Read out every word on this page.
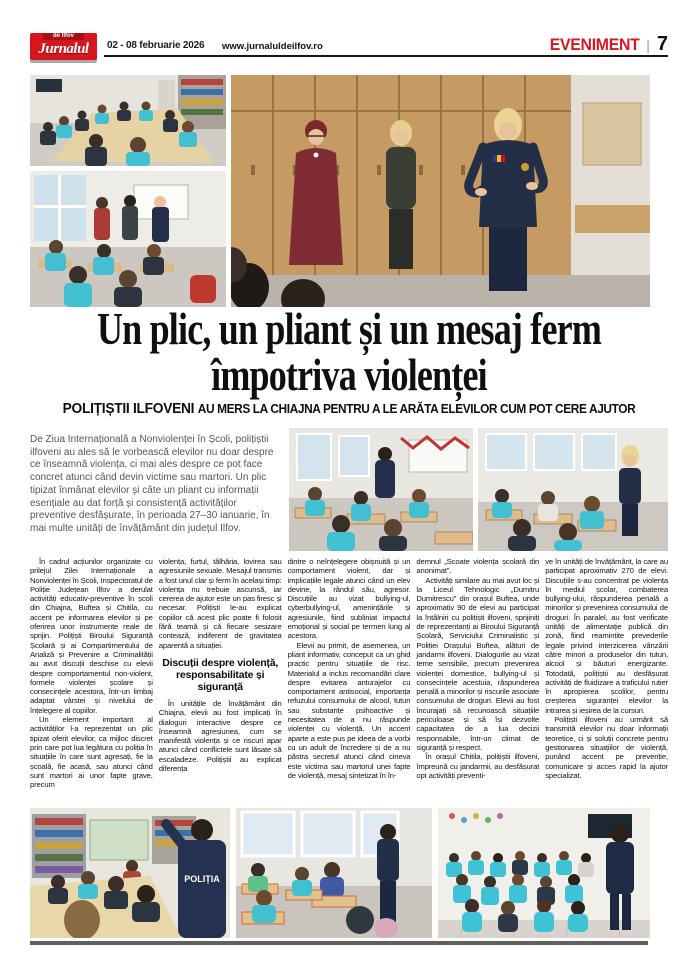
de Ilfov
Jurnalul	02 - 08 februarie 2026 www.jurnaluldeilfov.ro	EVENIMENT | 7
Un plic, un pliant și un mesaj ferm
împotriva violenței
POLIȚIȘTII ILFOVENI AU MERS LA CHIAJNA PENTRU A LE ARĂTA ELEVILOR CUM POT CERE AJUTOR

De Ziua Internațională a Nonviolenței în Școli, polițiștii ilfoveni au ales să le vorbească elevilor nu doar despre ce înseamnă violența, ci mai ales despre ce pot face concret atunci când devin victime sau martori. Un plic tipizat înmânat elevilor și câte un pliant cu informații esențiale au dat forță și consistență activităților preventive desfășurate, în perioada 27–30 ianuarie, în mai multe unități de învățământ din județul Ilfov.

În cadrul acțiunilor organizate cu prilejul Zilei Internaționale a Nonviolenței în Școli, Inspectoratul de Poliție Județean Ilfov a derulat activități educativ-preventive în școli din Chiajna, Buftea și Chitila, cu accent pe informarea elevilor și pe oferirea unor instrumente reale de sprijin. Polițiști Biroului Siguranță Școlară și ai Compartimentului de Analiză și Prevenire a Criminalității au avut discuții deschise cu elevii despre comportamentul non-violent, formele violenței școlare și consecințele acestora, într-un limbaj adaptat vârstei și nivelului de înțelegere al copiilor.

Un element important al activităților l-a reprezentat un plic tipizat oferit elevilor, ca mijloc discret prin care pot lua legătura cu poliția în situațiile în care sunt agresați, fie la școală, fie acasă, sau atunci când sunt martori ai unor fapte grave, precum

violența, furtul, tâlhăria, lovirea sau agresiunile sexuale. Mesajul transmis a fost unul clar și ferm în același timp: violența nu trebuie ascunsă, iar cererea de ajutor este un pas firesc și necesar. Polițiști le-au explicat copiilor că acest plic poate fi folosit fără teamă și că fiecare sesizare contează, indiferent de gravitatea aparentă a situației.

Discuții despre violență, responsabilitate și siguranță

În unitățile de învățământ din Chiajna, elevii au fost implicați în dialoguri interactive despre ce înseamnă agresiunea, cum se manifestă violența și ce riscuri apar atunci când conflictele sunt lăsate să escaladeze. Polițiștii au explicat diferența

dintre o neînțelegere obișnuită și un comportament violent, dar și implicațiile legale atunci când un elev devine, la rândul său, agresor. Discuțiile au vizat bullying-ul, cyberbullying-ul, amenințările și agresiunile, fiind subliniat impactul emoțional și social pe termen lung al acestora.

Elevii au primit, de asemenea, un pliant informativ, conceput ca un ghid practic pentru situațiile de risc. Materialul a inclus recomandări clare despre evitarea anturajelor cu comportament antisocial, importanța refuzului consumului de alcool, tutun sau substanțe psihoactive și necesitatea de a nu răspunde violenței cu violență. Un accent aparte a este pus pe ideea de a vorbi cu un adult de încredere și de a nu păstra secretul atunci când cineva este victima sau martorul unei fapte de violență, mesaj sintetizat în în-

demnul „Scoate violența școlară din anonimat”.

Activități similare au mai avut loc și la Liceul Tehnologic „Dumitru Dumitrescu” din orașul Buftea, unde aproximativ 90 de elevi au participat la întâlniri cu polițiști ilfoveni, sprijiniți de reprezentanți ai Biroului Siguranță Școlară, Serviciului Criminalistic și Poliției Orașului Buftea, alături de jandarmi ilfoveni. Dialogurile au vizat teme sensibile, precum prevenirea violenței domestice, bullying-ul și consecințele acestuia, răspunderea penală a minorilor și riscurile asociate consumului de droguri. Elevii au fost încurajați să recunoască situațiile periculoase și să își dezvolte capacitatea de a lua decizii responsabile, într-un climat de siguranță și respect.

În orașul Chitila, polițiștii ilfoveni, împreună cu jandarmii, au desfășurat opt activități preventi-

ve în unități de învățământ, la care au participat aproximativ 270 de elevi. Discuțiile s-au concentrat pe violența în mediul școlar, combaterea bullying-ului, răspunderea penală a minorilor și prevenirea consumului de droguri. În paralel, au fost verificate unități de alimentație publică din zonă, fiind reamintite prevederile legale privind interzicerea vânzării către minori a produselor din tutun, alcool și băuturi energizante. Totodată, polițiștii au desfășurat activități de fluidizare a traficului rutier în apropierea școlilor, pentru creșterea siguranței elevilor la intrarea și ieșirea de la cursuri.

Polițiști ilfoveni au urmărit să transmită elevilor nu doar informații teoretice, ci și soluții concrete pentru gestionarea situațiilor de violență, punând accent pe prevenție, comunicare și acces rapid la ajutor specializat.

POLIȚIA
